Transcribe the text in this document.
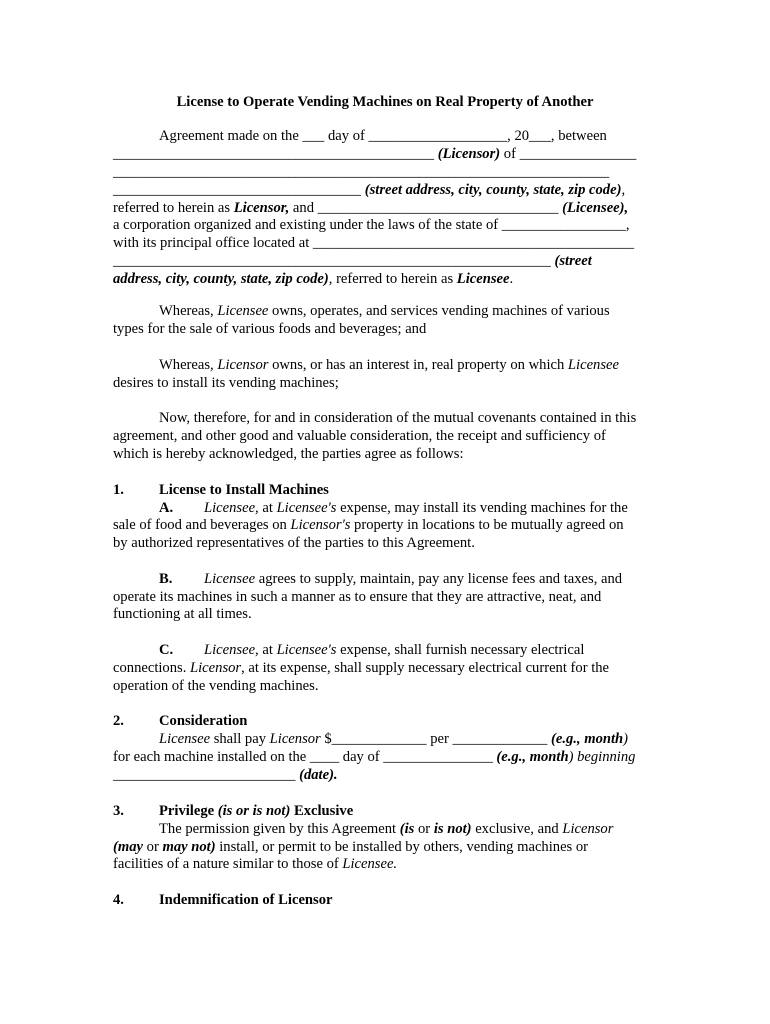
License to Operate Vending Machines on Real Property of Another
Agreement made on the ___ day of ___________________, 20___, between
____________________________________________ (Licensor) of ________________
____________________________________________________________________
__________________________________ (street address, city, county, state, zip code),
referred to herein as Licensor, and _________________________________ (Licensee),
a corporation organized and existing under the laws of the state of _________________,
with its principal office located at ____________________________________________
____________________________________________________________ (street
address, city, county, state, zip code), referred to herein as Licensee.
Whereas, Licensee owns, operates, and services vending machines of various
types for the sale of various foods and beverages; and
Whereas, Licensor owns, or has an interest in, real property on which Licensee
desires to install its vending machines;
Now, therefore, for and in consideration of the mutual covenants contained in this
agreement, and other good and valuable consideration, the receipt and sufficiency of
which is hereby acknowledged, the parties agree as follows:
1. License to Install Machines
A. Licensee, at Licensee's expense, may install its vending machines for the
sale of food and beverages on Licensor's property in locations to be mutually agreed on
by authorized representatives of the parties to this Agreement.
B. Licensee agrees to supply, maintain, pay any license fees and taxes, and
operate its machines in such a manner as to ensure that they are attractive, neat, and
functioning at all times.
C. Licensee, at Licensee's expense, shall furnish necessary electrical
connections. Licensor, at its expense, shall supply necessary electrical current for the
operation of the vending machines.
2. Consideration
Licensee shall pay Licensor $_____________ per _____________ (e.g., month)
for each machine installed on the ____ day of _______________ (e.g., month) beginning
_________________________ (date).
3. Privilege (is or is not) Exclusive
The permission given by this Agreement (is or is not) exclusive, and Licensor
(may or may not) install, or permit to be installed by others, vending machines or
facilities of a nature similar to those of Licensee.
4. Indemnification of Licensor
